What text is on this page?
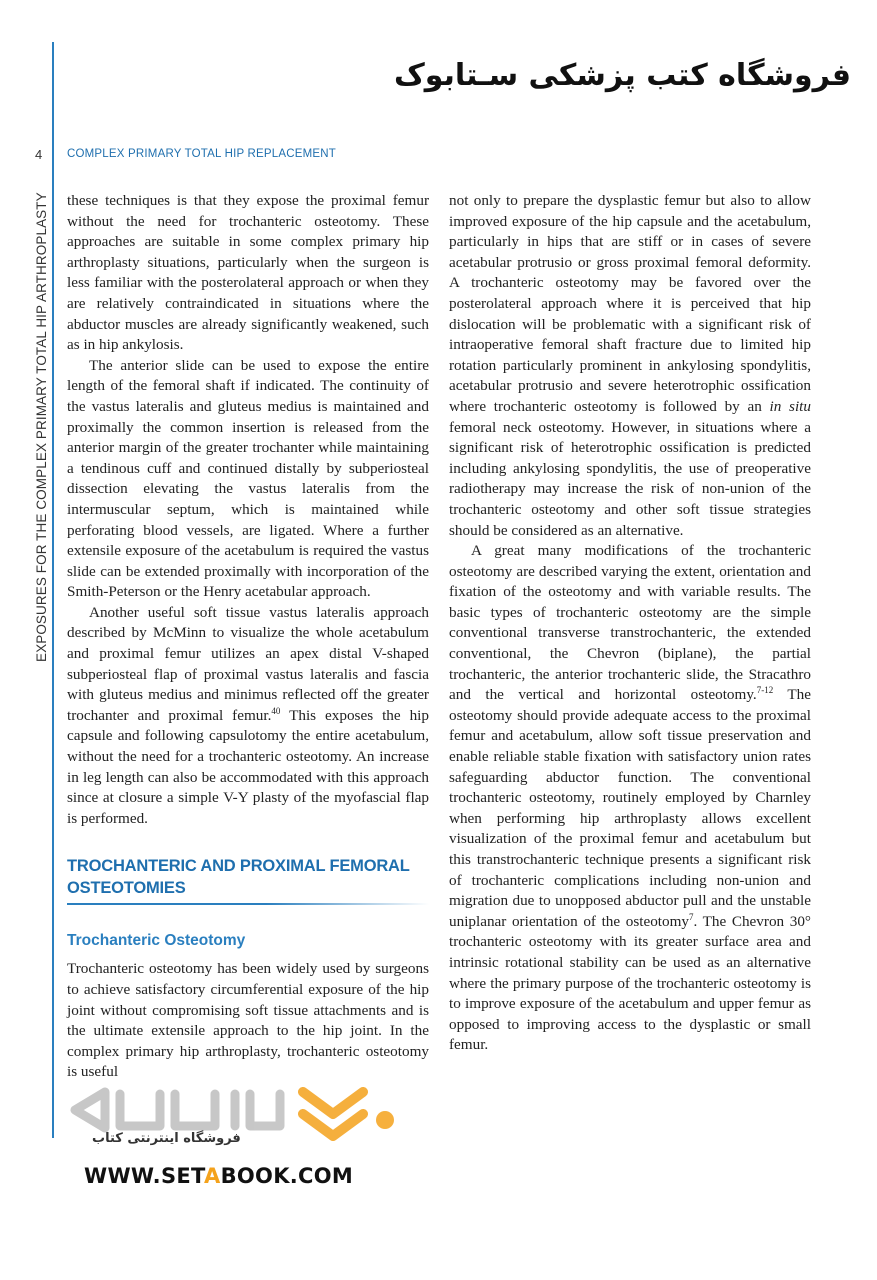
فروشگاه کتب پزشکی سـتابوک
4 COMPLEX PRIMARY TOTAL HIP REPLACEMENT
EXPOSURES FOR THE COMPLEX PRIMARY TOTAL HIP ARTHROPLASTY these techniques is that they expose the proximal femur without the need for trochanteric osteotomy. These approaches are suitable in some complex primary hip arthroplasty situations, particularly when the surgeon is less familiar with the posterolateral approach or when they are relatively contraindicated in situations where the abductor muscles are already significantly weakened, such as in hip ankylosis.

The anterior slide can be used to expose the entire length of the femoral shaft if indicated. The continuity of the vastus lateralis and gluteus medius is maintained and proximally the common insertion is released from the anterior margin of the greater trochanter while maintaining a tendinous cuff and continued distally by subperiosteal dissection elevating the vastus lateralis from the intermuscular septum, which is maintained while perforating blood vessels, are ligated. Where a further extensile exposure of the acetabulum is required the vastus slide can be extended proximally with incorporation of the Smith-Peterson or the Henry acetabular approach.

Another useful soft tissue vastus lateralis approach described by McMinn to visualize the whole acetabulum and proximal femur utilizes an apex distal V-shaped subperiosteal flap of proximal vastus lateralis and fascia with gluteus medius and minimus reflected off the greater trochanter and proximal femur.$^{40}$ This exposes the hip capsule and following capsulotomy the entire acetabulum, without the need for a trochanteric osteotomy. An increase in leg length can also be accommodated with this approach since at closure a simple V-Y plasty of the myofascial flap is performed.

TROCHANTERIC AND PROXIMAL FEMORAL OSTEOTOMIES
Trochanteric Osteotomy

Trochanteric osteotomy has been widely used by surgeons to achieve satisfactory circumferential exposure of the hip joint without compromising soft tissue attachments and is the ultimate extensile approach to the hip joint. In the complex primary hip arthroplasty, trochanteric osteotomy is useful

not only to prepare the dysplastic femur but also to allow improved exposure of the hip capsule and the acetabulum, particularly in hips that are stiff or in cases of severe acetabular protrusio or gross proximal femoral deformity. A trochanteric osteotomy may be favored over the posterolateral approach where it is perceived that hip dislocation will be problematic with a significant risk of intraoperative femoral shaft fracture due to limited hip rotation particularly prominent in ankylosing spondylitis, acetabular protrusio and severe heterotrophic ossification where trochanteric osteotomy is followed by an in situ femoral neck osteotomy. However, in situations where a significant risk of heterotrophic ossification is predicted including ankylosing spondylitis, the use of preoperative radiotherapy may increase the risk of non-union of the trochanteric osteotomy and other soft tissue strategies should be considered as an alternative.

A great many modifications of the trochanteric osteotomy are described varying the extent, orientation and fixation of the osteotomy and with variable results. The basic types of trochanteric osteotomy are the simple conventional transverse transtrochanteric, the extended conventional, the Chevron (biplane), the partial trochanteric, the anterior trochanteric slide, the Stracathro and the vertical and horizontal osteotomy.$^{7-12}$ The osteotomy should provide adequate access to the proximal femur and acetabulum, allow soft tissue preservation and enable reliable stable fixation with satisfactory union rates safeguarding abductor function. The conventional trochanteric osteotomy, routinely employed by Charnley when performing hip arthroplasty allows excellent visualization of the proximal femur and acetabulum but this transtrochanteric technique presents a significant risk of trochanteric complications including non-union and migration due to unopposed abductor pull and the unstable uniplanar orientation of the osteotomy$^7$. The Chevron 30° trochanteric osteotomy with its greater surface area and intrinsic rotational stability can be used as an alternative where the primary purpose of the trochanteric osteotomy is to improve exposure of the acetabulum and upper femur as opposed to improving access to the dysplastic or small femur.

فروشگاه اینترنتی کتاب
WWW.SETABOOK.COM
